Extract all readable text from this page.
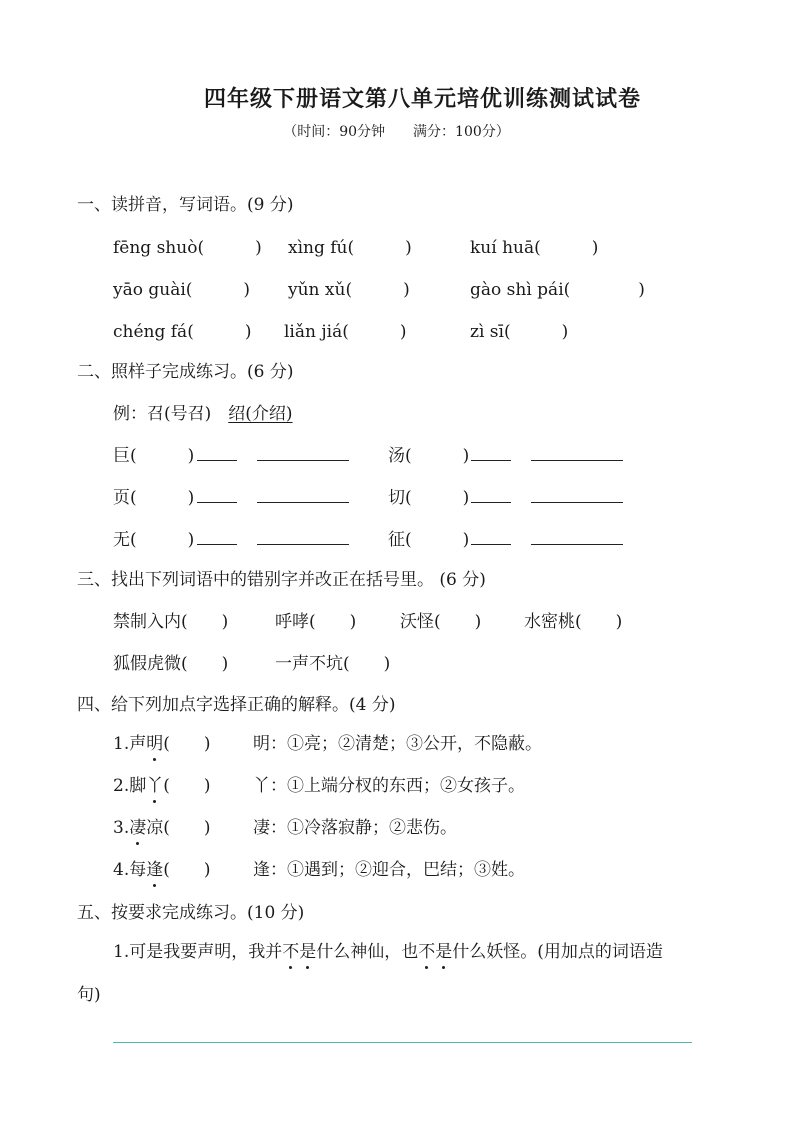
四年级下册语文第八单元培优训练测试试卷
（时间：90分钟　　满分：100分）
一、读拼音，写词语。(9 分)
fēng shuò(　　　) xìng fú(　　　)	kuí huā(　　　)
yāo guài(　　　) yǔn xǔ(　　　)	gào shì pái(　　　　)
chéng fá(　　　) liǎn jiá(　　　)	zì sī(　　　)
二、照样子完成练习。(6 分)
例：召(号召)　 绍(介绍)
巨(　　　)	汤(　　　)
页(　　　)	切(　　　)
无(　　　)	征(　　　)
三、找出下列词语中的错别字并改正在括号里。 (6 分)
禁制入内(　　)	呼哮(　　)	沃怪(　　)	水密桃(　　)
狐假虎微(　　)	一声不坑(　　)
四、给下列加点字选择正确的解释。(4 分)
1.声明(　　)	明：①亮；②清楚；③公开，不隐蔽。
2.脚丫(　　)	丫：①上端分杈的东西；②女孩子。
3.凄凉(　　)	凄：①冷落寂静；②悲伤。
4.每逢(　　)	逢：①遇到；②迎合，巴结；③姓。
五、按要求完成练习。(10 分)
1.可是我要声明，我并不是什么神仙，也不是什么妖怪。(用加点的词语造
句)
